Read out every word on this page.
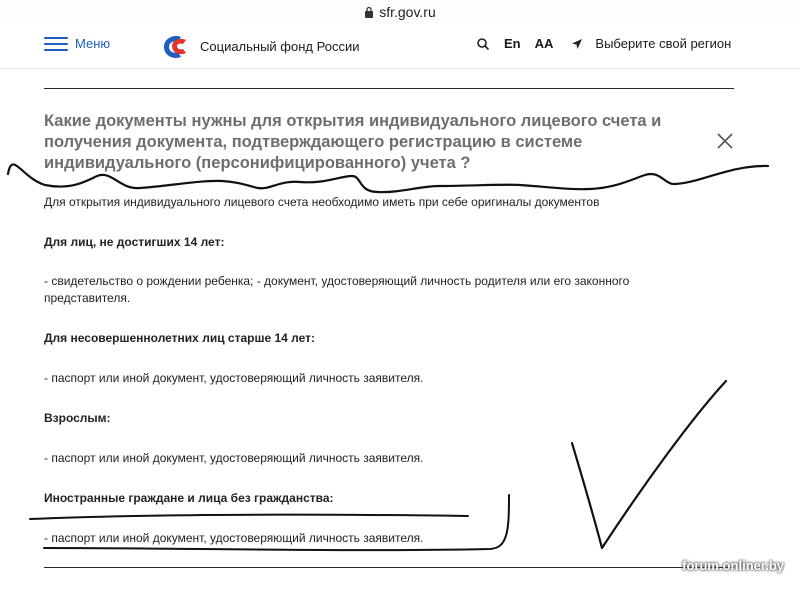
sfr.gov.ru
Меню	Социальный фонд России	En AA	Выберите свой регион
Какие документы нужны для открытия индивидуального лицевого счета и получения документа, подтверждающего регистрацию в системе индивидуального (персонифицированного) учета ?

Для открытия индивидуального лицевого счета необходимо иметь при себе оригиналы документов

Для лиц, не достигших 14 лет:

- свидетельство о рождении ребенка; - документ, удостоверяющий личность родителя или его законного представителя.

Для несовершеннолетних лиц старше 14 лет:

- паспорт или иной документ, удостоверяющий личность заявителя.

Взрослым:

- паспорт или иной документ, удостоверяющий личность заявителя.

Иностранные граждане и лица без гражданства:

- паспорт или иной документ, удостоверяющий личность заявителя.

forum.onliner.by
